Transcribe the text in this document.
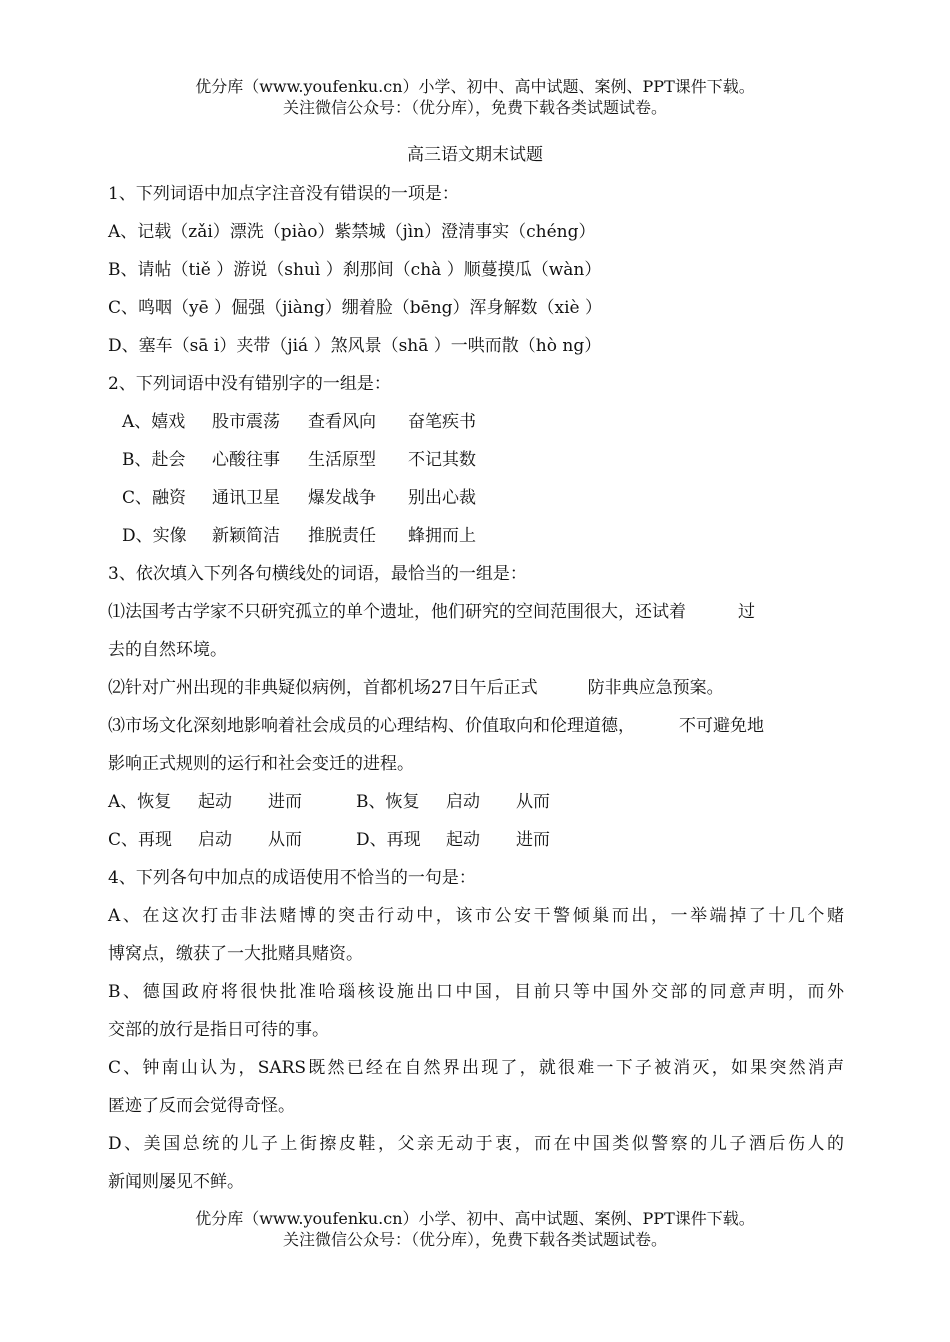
优分库（www.youfenku.cn）小学、初中、高中试题、案例、PPT课件下载。
关注微信公众号：（优分库），免费下载各类试题试卷。
高三语文期末试题

1、下列词语中加点字注音没有错误的一项是：

A、记载（zǎi）漂洗（piào）紫禁城（jìn）澄清事实（chéng）

B、请帖（tiě ）游说（shuì ）刹那间（chà ）顺蔓摸瓜（wàn）

C、鸣咽（yē ）倔强（jiàng）绷着脸（bēng）浑身解数（xiè ）

D、塞车（sā i）夹带（jiá ）煞风景（shā ）一哄而散（hò ng）

2、下列词语中没有错别字的一组是：

A、嬉戏 股市震荡 查看风向 奋笔疾书

B、赴会 心酸往事 生活原型 不记其数

C、融资 通讯卫星 爆发战争 别出心裁

D、实像 新颖简洁 推脱责任 蜂拥而上

3、依次填入下列各句横线处的词语，最恰当的一组是：

⑴法国考古学家不只研究孤立的单个遗址，他们研究的空间范围很大，还试着	过

去的自然环境。

⑵针对广州出现的非典疑似病例，首都机场27日午后正式	防非典应急预案。

⑶市场文化深刻地影响着社会成员的心理结构、价值取向和伦理道德，	不可避免地

影响正式规则的运行和社会变迁的进程。

A、恢复 起动 进而	B、恢复 启动 从而

C、再现 启动 从而	D、再现 起动 进而

4、下列各句中加点的成语使用不恰当的一句是：

A、在这次打击非法赌博的突击行动中，该市公安干警倾巢而出，一举端掉了十几个赌

博窝点，缴获了一大批赌具赌资。

B、德国政府将很快批准哈瑙核设施出口中国，目前只等中国外交部的同意声明，而外

交部的放行是指日可待的事。

C、钟南山认为，SARS既然已经在自然界出现了，就很难一下子被消灭，如果突然消声

匿迹了反而会觉得奇怪。

D、美国总统的儿子上街擦皮鞋，父亲无动于衷，而在中国类似警察的儿子酒后伤人的

新闻则屡见不鲜。

优分库（www.youfenku.cn）小学、初中、高中试题、案例、PPT课件下载。
关注微信公众号：（优分库），免费下载各类试题试卷。
